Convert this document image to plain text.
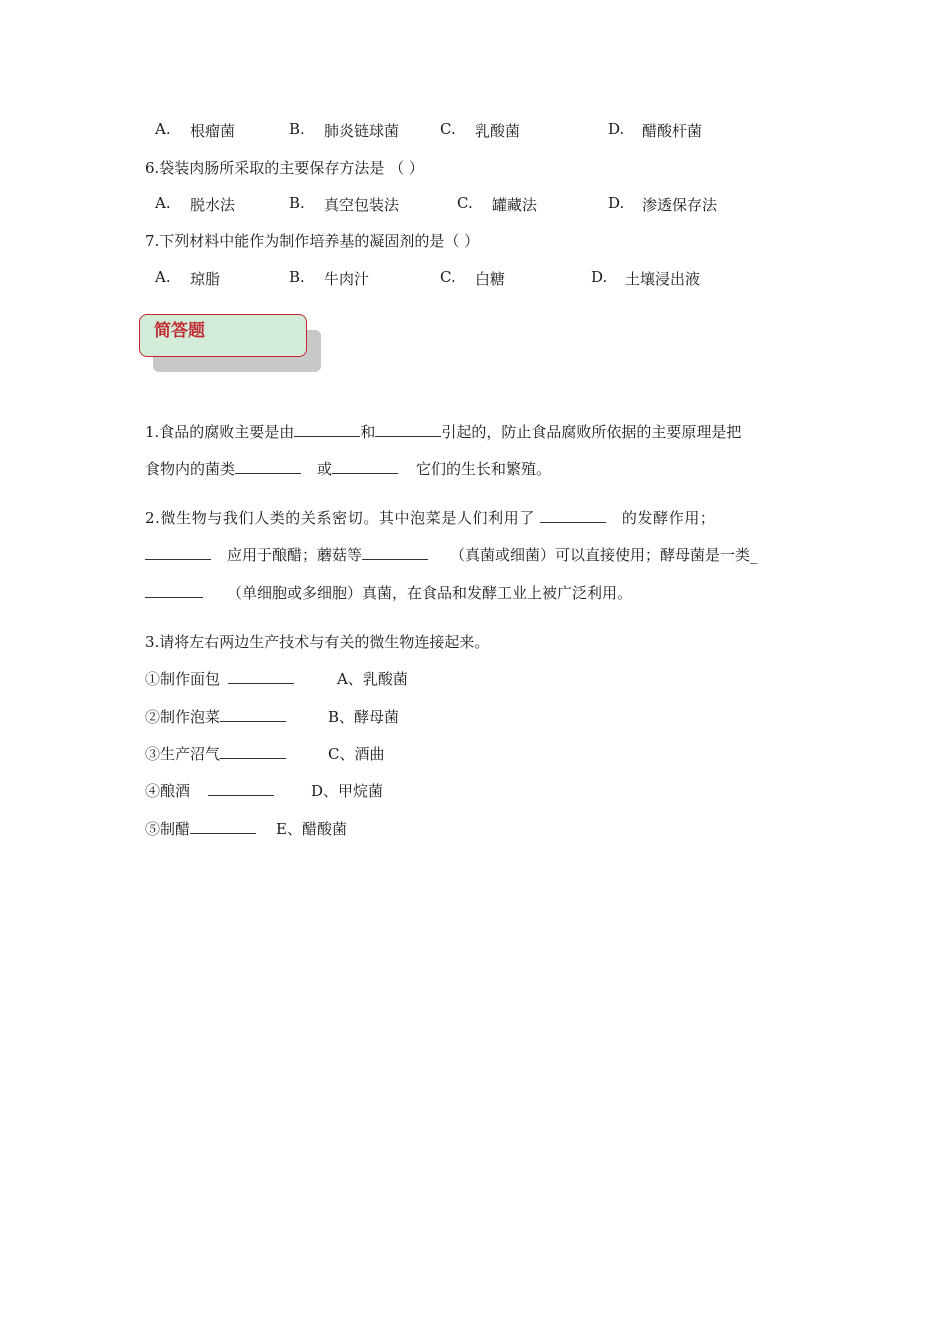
A. 根瘤菌	B. 肺炎链球菌	C. 乳酸菌	D. 醋酸杆菌
6.袋装肉肠所采取的主要保存方法是 （ ）
A. 脱水法	B. 真空包装法	C. 罐藏法	D. 渗透保存法
7.下列材料中能作为制作培养基的凝固剂的是（ ）
A. 琼脂	B. 牛肉汁	C. 白糖	D. 土壤浸出液
简答题
1.食品的腐败主要是由	和	引起的，防止食品腐败所依据的主要原理是把
食物内的菌类	或	它们的生长和繁殖。
2.微生物与我们人类的关系密切。其中泡菜是人们利用了	的发酵作用；
应用于酿醋；蘑菇等	（真菌或细菌）可以直接使用；酵母菌是一类_
（单细胞或多细胞）真菌，在食品和发酵工业上被广泛利用。
3.请将左右两边生产技术与有关的微生物连接起来。
①制作面包	A、乳酸菌
②制作泡菜	B、酵母菌
③生产沼气	C、酒曲
④酿酒	D、甲烷菌
⑤制醋	E、醋酸菌
